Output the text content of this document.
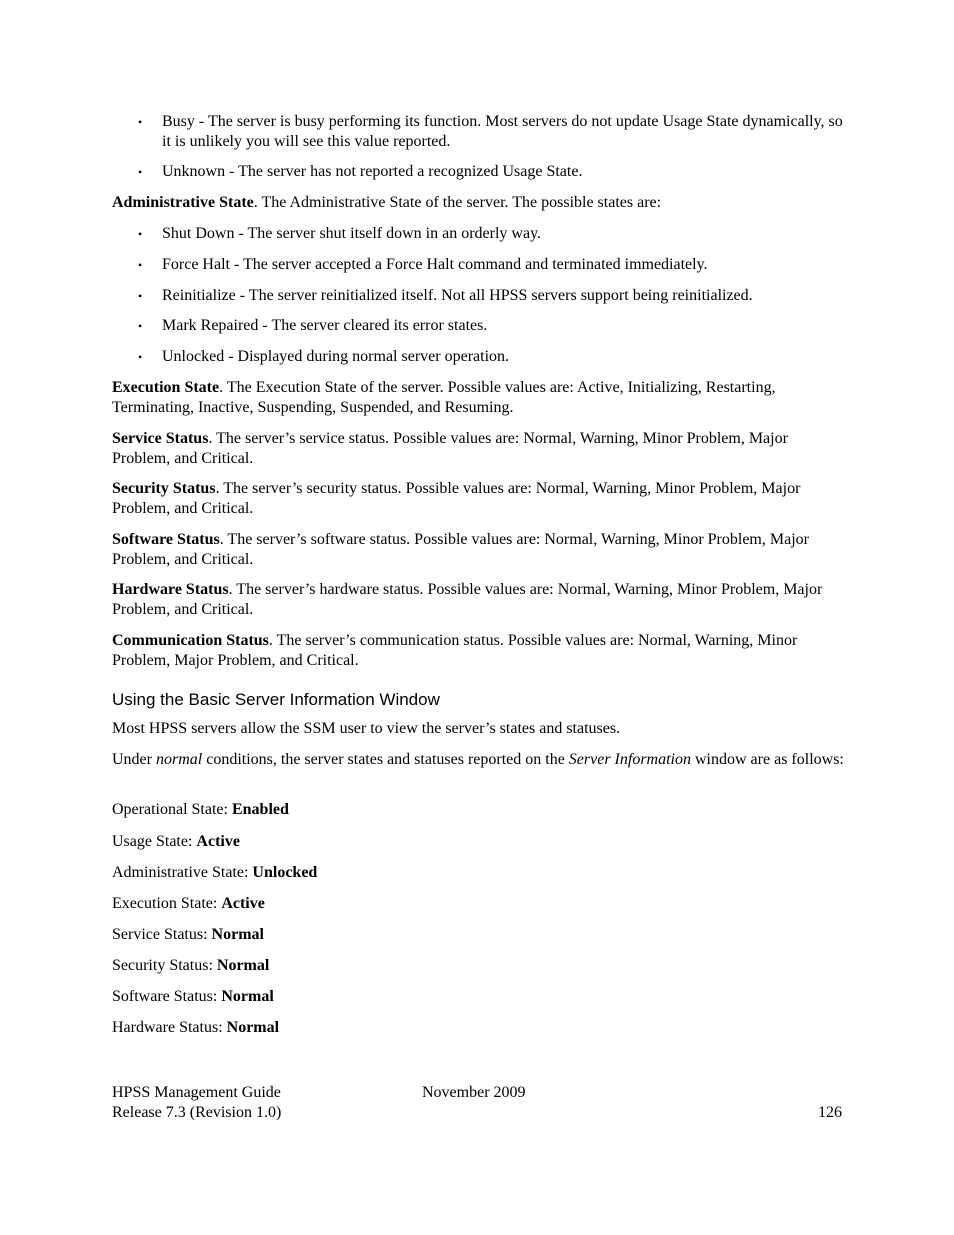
• Busy - The server is busy performing its function. Most servers do not update Usage State dynamically, so it is unlikely you will see this value reported.
• Unknown - The server has not reported a recognized Usage State.
Administrative State. The Administrative State of the server. The possible states are:
• Shut Down - The server shut itself down in an orderly way.
• Force Halt - The server accepted a Force Halt command and terminated immediately.
• Reinitialize - The server reinitialized itself. Not all HPSS servers support being reinitialized.
• Mark Repaired - The server cleared its error states.
• Unlocked - Displayed during normal server operation.
Execution State. The Execution State of the server. Possible values are: Active, Initializing, Restarting, Terminating, Inactive, Suspending, Suspended, and Resuming.
Service Status. The server’s service status. Possible values are: Normal, Warning, Minor Problem, Major Problem, and Critical.
Security Status. The server’s security status. Possible values are: Normal, Warning, Minor Problem, Major Problem, and Critical.
Software Status. The server’s software status. Possible values are: Normal, Warning, Minor Problem, Major Problem, and Critical.
Hardware Status. The server’s hardware status. Possible values are: Normal, Warning, Minor Problem, Major Problem, and Critical.
Communication Status. The server’s communication status. Possible values are: Normal, Warning, Minor Problem, Major Problem, and Critical.
Using the Basic Server Information Window
Most HPSS servers allow the SSM user to view the server’s states and statuses.
Under normal conditions, the server states and statuses reported on the Server Information window are as follows:
Operational State: Enabled
Usage State: Active
Administrative State: Unlocked
Execution State: Active
Service Status: Normal
Security Status: Normal
Software Status: Normal
Hardware Status: Normal
HPSS Management Guide
Release 7.3 (Revision 1.0)
November 2009
126
